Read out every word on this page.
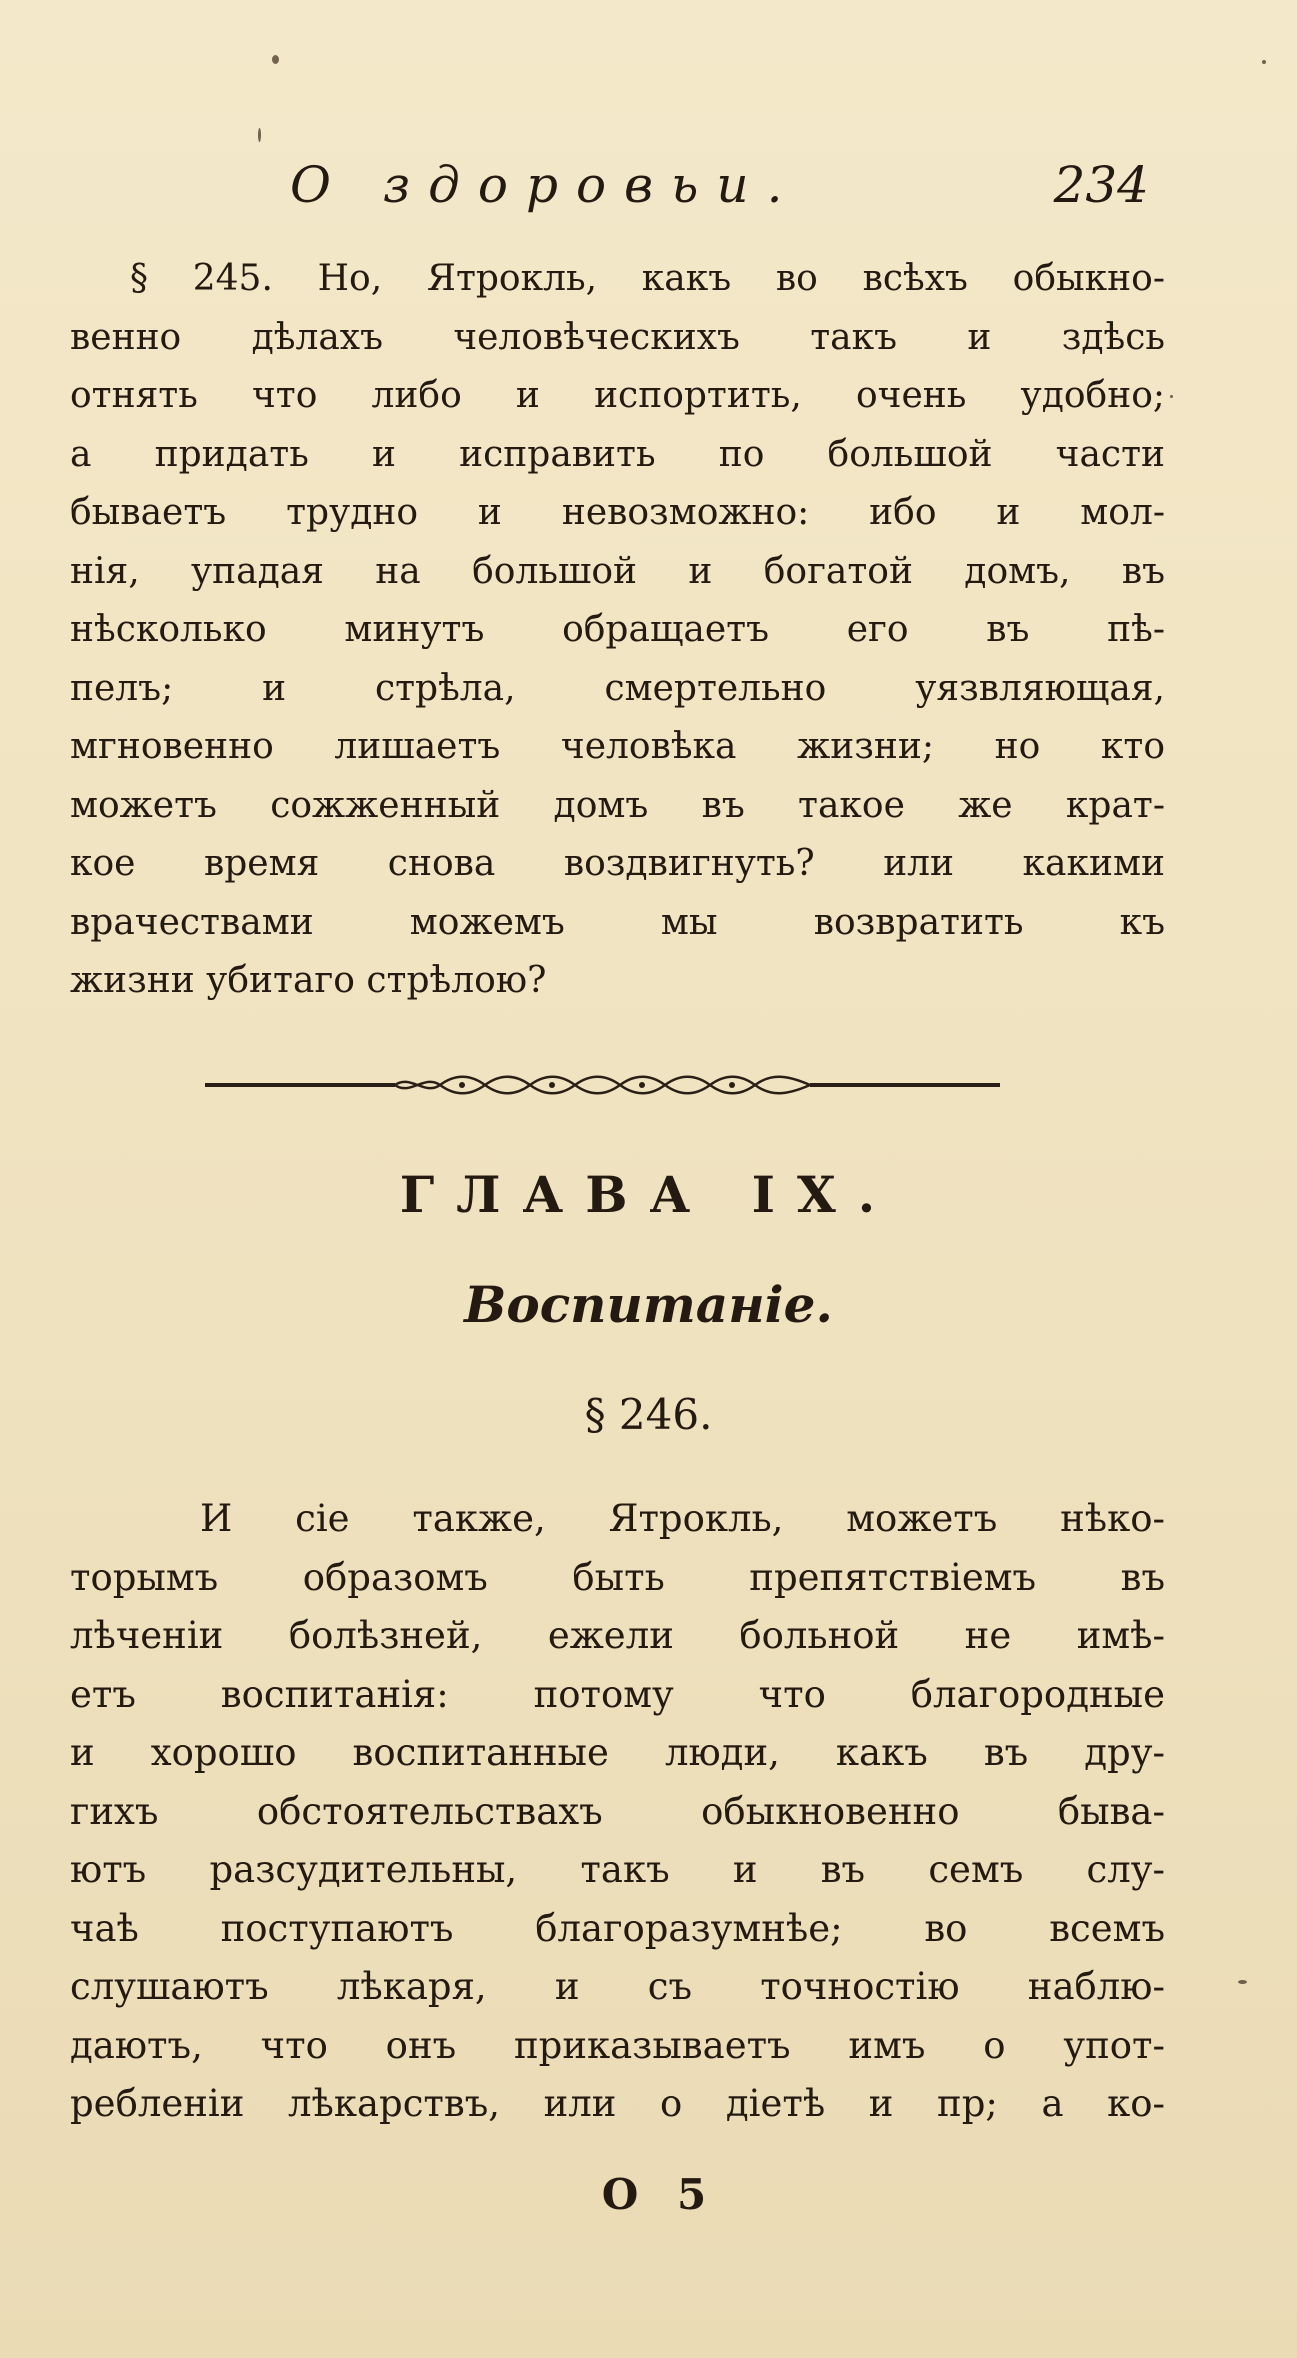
О здоровьи.	234
§ 245. Но, Ятрокль, какъ во всѣхъ обыкно-
венно дѣлахъ человѣческихъ такъ и здѣсь
отнять что либо и испортить, очень удобно;
а придать и исправить по большой части
бываетъ трудно и невозможно: ибо и мол-
нія, упадая на большой и богатой домъ, въ
нѣсколько минутъ обращаетъ его въ пѣ-
пелъ; и стрѣла, смертельно уязвляющая,
мгновенно лишаетъ человѣка жизни; но кто
можетъ сожженный домъ въ такое же крат-
кое время снова воздвигнуть? или какими
врачествами можемъ мы возвратить къ
жизни убитаго стрѣлою?
ГЛАВА IX.
Воспитаніе.
§ 246.
И сіе также, Ятрокль, можетъ нѣко-
торымъ образомъ быть препятствіемъ въ
лѣченіи болѣзней, ежели больной не имѣ-
етъ воспитанія: потому что благородные
и хорошо воспитанные люди, какъ въ дру-
гихъ обстоятельствахъ обыкновенно быва-
ютъ разсудительны, такъ и въ семъ слу-
чаѣ поступаютъ благоразумнѣе; во всемъ
слушаютъ лѣкаря, и съ точностію наблю-
даютъ, что онъ приказываетъ имъ о упот-
ребленіи лѣкарствъ, или о діетѣ и пр; а ко-
O 5
